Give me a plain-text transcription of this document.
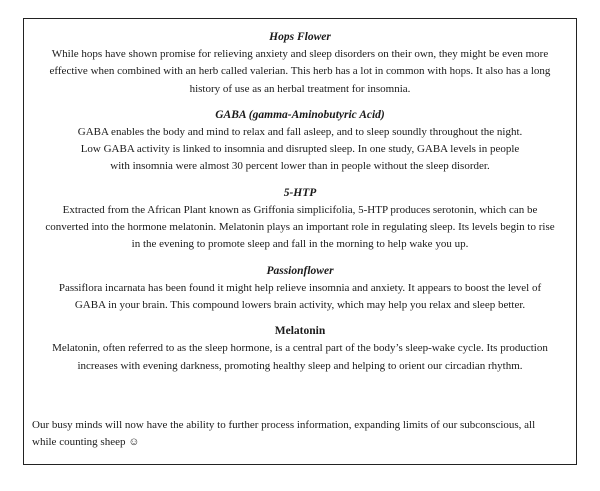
Hops Flower

While hops have shown promise for relieving anxiety and sleep disorders on their own, they might be even more
effective when combined with an herb called valerian. This herb has a lot in common with hops. It also has a long
history of use as an herbal treatment for insomnia.

GABA (gamma-Aminobutyric Acid)

GABA enables the body and mind to relax and fall asleep, and to sleep soundly throughout the night.
Low GABA activity is linked to insomnia and disrupted sleep. In one study, GABA levels in people
with insomnia were almost 30 percent lower than in people without the sleep disorder.

5-HTP

Extracted from the African Plant known as Griffonia simplicifolia, 5-HTP produces serotonin, which can be
converted into the hormone melatonin. Melatonin plays an important role in regulating sleep. Its levels begin to rise
in the evening to promote sleep and fall in the morning to help wake you up.

Passionflower

Passiflora incarnata has been found it might help relieve insomnia and anxiety. It appears to boost the level of
GABA in your brain. This compound lowers brain activity, which may help you relax and sleep better.

Melatonin

Melatonin, often referred to as the sleep hormone, is a central part of the body’s sleep-wake cycle. Its production
increases with evening darkness, promoting healthy sleep and helping to orient our circadian rhythm.

Our busy minds will now have the ability to further process information, expanding limits of our subconscious, all
while counting sheep ☺
